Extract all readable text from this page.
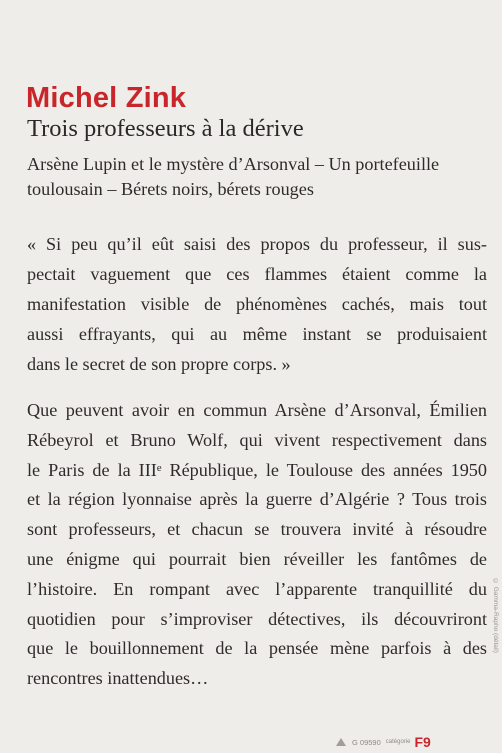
Michel Zink
Trois professeurs à la dérive
Arsène Lupin et le mystère d’Arsonval – Un portefeuille
toulousain – Bérets noirs, bérets rouges
« Si peu qu’il eût saisi des propos du professeur, il sus-
pectait vaguement que ces flammes étaient comme la
manifestation visible de phénomènes cachés, mais tout
aussi effrayants, qui au même instant se produisaient
dans le secret de son propre corps. »
Que peuvent avoir en commun Arsène d’Arsonval, Émilien
Rébeyrol et Bruno Wolf, qui vivent respectivement dans
le Paris de la IIIᵉ République, le Toulouse des années 1950
et la région lyonnaise après la guerre d’Algérie ? Tous trois
sont professeurs, et chacun se trouvera invité à résoudre
une énigme qui pourrait bien réveiller les fantômes de
l’histoire. En rompant avec l’apparente tranquillité du
quotidien pour s’improviser détectives, ils découvriront
que le bouillonnement de la pensée mène parfois à des
rencontres inattendues…
© Gamma-Rapho (détail)
G 09590 catégorie F9
